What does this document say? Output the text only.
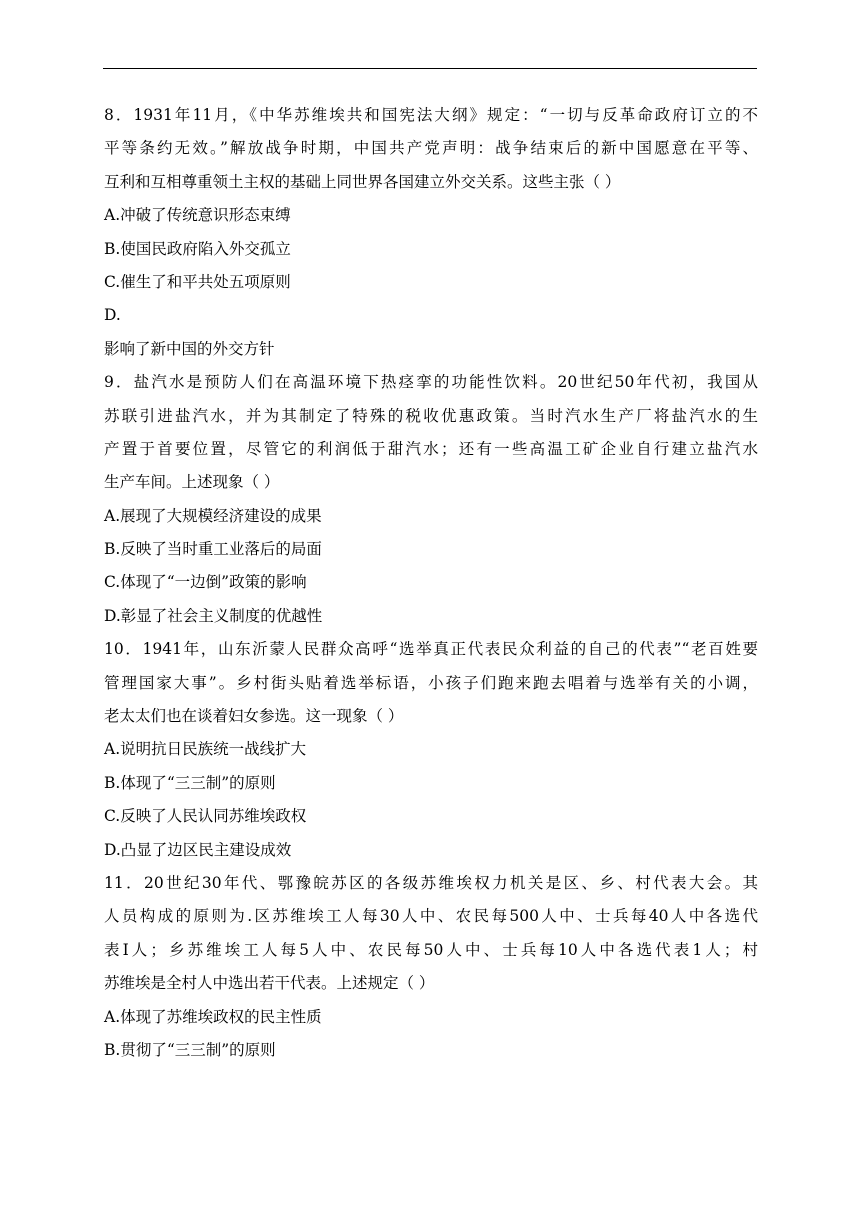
8．1931年11月，《中华苏维埃共和国宪法大纲》规定：“一切与反革命政府订立的不
平等条约无效。”解放战争时期，中国共产党声明：战争结束后的新中国愿意在平等、
互利和互相尊重领土主权的基础上同世界各国建立外交关系。这些主张（ ）
A.冲破了传统意识形态束缚
B.使国民政府陷入外交孤立
C.催生了和平共处五项原则
D.
影响了新中国的外交方针
9．盐汽水是预防人们在高温环境下热痉挛的功能性饮料。20世纪50年代初，我国从
苏联引进盐汽水，并为其制定了特殊的税收优惠政策。当时汽水生产厂将盐汽水的生
产置于首要位置，尽管它的利润低于甜汽水；还有一些高温工矿企业自行建立盐汽水
生产车间。上述现象（ ）
A.展现了大规模经济建设的成果
B.反映了当时重工业落后的局面
C.体现了“一边倒”政策的影响
D.彰显了社会主义制度的优越性
10．1941年，山东沂蒙人民群众高呼“选举真正代表民众利益的自己的代表”“老百姓要
管理国家大事”。乡村街头贴着选举标语，小孩子们跑来跑去唱着与选举有关的小调，
老太太们也在谈着妇女参选。这一现象（ ）
A.说明抗日民族统一战线扩大
B.体现了“三三制”的原则
C.反映了人民认同苏维埃政权
D.凸显了边区民主建设成效
11．20世纪30年代、鄂豫皖苏区的各级苏维埃权力机关是区、乡、村代表大会。其
人员构成的原则为.区苏维埃工人每30人中、农民每500人中、士兵每40人中各选代
表Ⅰ人；乡苏维埃工人每5人中、农民每50人中、士兵每10人中各选代表1人；村
苏维埃是全村人中选出若干代表。上述规定（ ）
A.体现了苏维埃政权的民主性质
B.贯彻了“三三制”的原则
